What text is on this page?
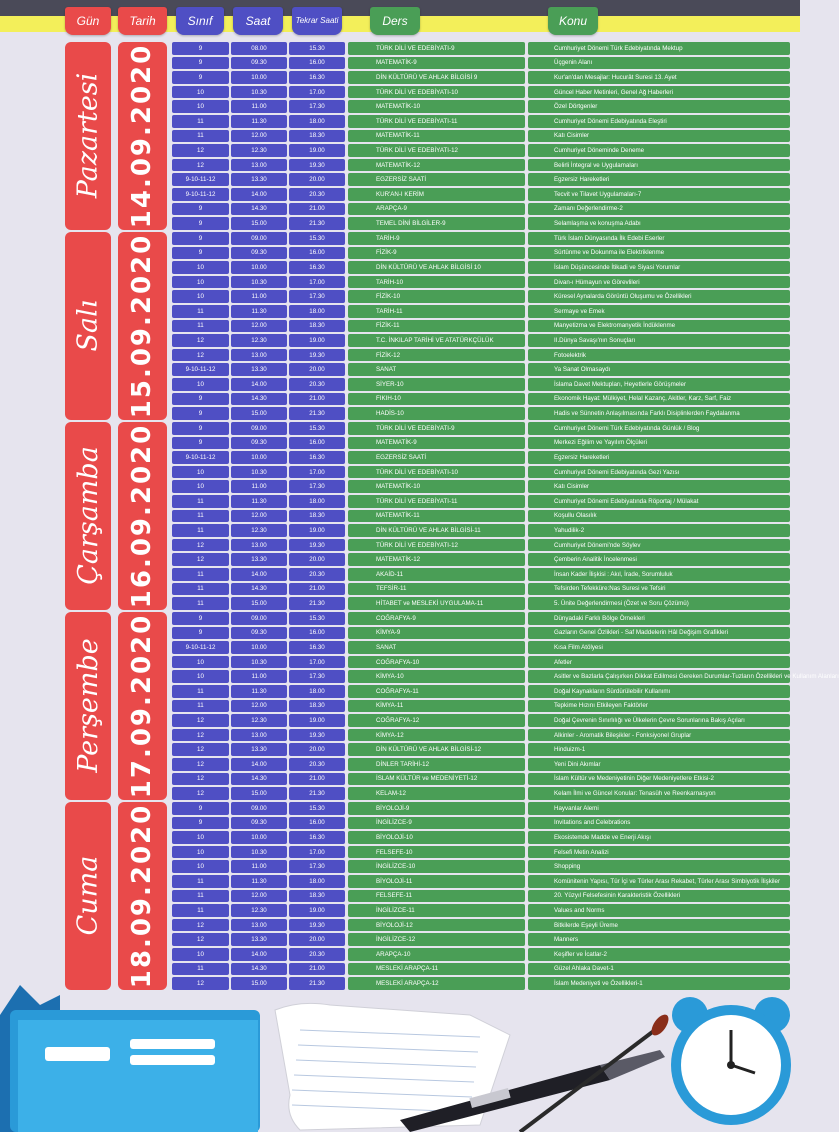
Gün	Tarih	Sınıf	Saat	Tekrar Saati	Ders	Konu
Pazartesi 14.09.2020	9	08.00	15.30	TÜRK DİLİ VE EDEBİYATI-9	Cumhuriyet Dönemi Türk Edebiyatında Mektup
9	09.30	16.00	MATEMATİK-9	Üçgenin Alanı
9	10.00	16.30	DİN KÜLTÜRÜ VE AHLAK BİLGİSİ 9	Kur'an'dan Mesajlar: Hucurât Suresi 13. Ayet
10	10.30	17.00	TÜRK DİLİ VE EDEBİYATI-10	Güncel Haber Metinleri, Genel Ağ Haberleri
10	11.00	17.30	MATEMATİK-10	Özel Dörtgenler
11	11.30	18.00	TÜRK DİLİ VE EDEBİYATI-11	Cumhuriyet Dönemi Edebiyatında Eleştiri
11	12.00	18.30	MATEMATİK-11	Katı Cisimler
12	12.30	19.00	TÜRK DİLİ VE EDEBİYATI-12	Cumhuriyet Döneminde Deneme
12	13.00	19.30	MATEMATİK-12	Belirli İntegral ve Uygulamaları
9-10-11-12	13.30	20.00	EGZERSİZ SAATİ	Egzersiz Hareketleri
9-10-11-12	14.00	20.30	KUR'AN-I KERİM	Tecvit ve Tilavet Uygulamaları-7
9	14.30	21.00	ARAPÇA-9	Zamanı Değerlendirme-2
9	15.00	21.30	TEMEL DİNİ BİLGİLER-9	Selamlaşma ve konuşma Adabı
Salı 15.09.2020	9	09.00	15.30	TARİH-9	Türk İslam Dünyasında İlk Edebi Eserler
9	09.30	16.00	FİZİK-9	Sürtünme ve Dokunma ile Elektriklenme
10	10.00	16.30	DİN KÜLTÜRÜ VE AHLAK BİLGİSİ 10	İslam Düşüncesinde İtikadi ve Siyasi Yorumlar
10	10.30	17.00	TARİH-10	Divan-ı Hümayun ve Görevlileri
10	11.00	17.30	FİZİK-10	Küresel Aynalarda Görüntü Oluşumu ve Özellikleri
11	11.30	18.00	TARİH-11	Sermaye ve Emek
11	12.00	18.30	FİZİK-11	Manyetizma ve Elektromanyetik İndüklenme
12	12.30	19.00	T.C. İNKILAP TARİHİ VE ATATÜRKÇÜLÜK	II.Dünya Savaşı'nın Sonuçları
12	13.00	19.30	FİZİK-12	Fotoelektrik
9-10-11-12	13.30	20.00	SANAT	Ya Sanat Olmasaydı
10	14.00	20.30	SİYER-10	İslama Davet Mektupları, Heyetlerle Görüşmeler
9	14.30	21.00	FIKIH-10	Ekonomik Hayat: Mülkiyet, Helal Kazanç, Akitler, Karz, Sarf, Faiz
9	15.00	21.30	HADİS-10	Hadis ve Sünnetin Anlaşılmasında Farklı Disiplinlerden Faydalanma
Çarşamba 16.09.2020	9	09.00	15.30	TÜRK DİLİ VE EDEBİYATI-9	Cumhuriyet Dönemi Türk Edebiyatında Günlük / Blog
9	09.30	16.00	MATEMATİK-9	Merkezi Eğilim ve Yayılım Ölçüleri
9-10-11-12	10.00	16.30	EGZERSİZ SAATİ	Egzersiz Hareketleri
10	10.30	17.00	TÜRK DİLİ VE EDEBİYATI-10	Cumhuriyet Dönemi Edebiyatında Gezi Yazısı
10	11.00	17.30	MATEMATİK-10	Katı Cisimler
11	11.30	18.00	TÜRK DİLİ VE EDEBİYATI-11	Cumhuriyet Dönemi Edebiyatında Röportaj / Mülakat
11	12.00	18.30	MATEMATİK-11	Koşullu Olasılık
11	12.30	19.00	DİN KÜLTÜRÜ VE AHLAK BİLGİSİ-11	Yahudilik-2
12	13.00	19.30	TÜRK DİLİ VE EDEBİYATI-12	Cumhuriyet Dönemi'nde Söylev
12	13.30	20.00	MATEMATİK-12	Çemberin Analitik İncelenmesi
11	14.00	20.30	AKAİD-11	İnsan Kader İlişkisi : Akıl, İrade, Sorumluluk
11	14.30	21.00	TEFSİR-11	Tefsirden Tefekküre:Nas Suresi ve Tefsiri
11	15.00	21.30	HİTABET ve MESLEKİ UYGULAMA-11	5. Ünite Değerlendirmesi (Özet ve Soru Çözümü)
Perşembe 17.09.2020	9	09.00	15.30	COĞRAFYA-9	Dünyadaki Farklı Bölge Örnekleri
9	09.30	16.00	KİMYA-9	Gazların Genel Özlikleri - Saf Maddelerin Hâl Değişim Grafikleri
9-10-11-12	10.00	16.30	SANAT	Kısa Film Atölyesi
10	10.30	17.00	COĞRAFYA-10	Afetler
10	11.00	17.30	KİMYA-10	Asitler ve Bazlarla Çalışırken Dikkat Edilmesi Gereken Durumlar-Tuzların Özellikleri ve Kullanım Alanları
11	11.30	18.00	COĞRAFYA-11	Doğal Kaynakların Sürdürülebilir Kullanımı
11	12.00	18.30	KİMYA-11	Tepkime Hızını Etkileyen Faktörler
12	12.30	19.00	COĞRAFYA-12	Doğal Çevrenin Sınırlılığı ve Ülkelerin Çevre Sorunlarına Bakış Açıları
12	13.00	19.30	KİMYA-12	Alkinler - Aromatik Bileşikler - Fonksiyonel Gruplar
12	13.30	20.00	DİN KÜLTÜRÜ VE AHLAK BİLGİSİ-12	Hinduizm-1
12	14.00	20.30	DİNLER TARİHİ-12	Yeni Dini Akımlar
12	14.30	21.00	İSLAM KÜLTÜR ve MEDENİYETİ-12	İslam Kültür ve Medeniyetinin Diğer Medeniyetlere Etkisi-2
12	15.00	21.30	KELAM-12	Kelam İlmi ve Güncel Konular: Tenasüh ve Reenkarnasyon
Cuma 18.09.2020	9	09.00	15.30	BİYOLOJİ-9	Hayvanlar Alemi
9	09.30	16.00	İNGİLİZCE-9	Invitations and Celebrations
10	10.00	16.30	BİYOLOJİ-10	Ekosistemde Madde ve Enerji Akışı
10	10.30	17.00	FELSEFE-10	Felsefi Metin Analizi
10	11.00	17.30	İNGİLİZCE-10	Shopping
11	11.30	18.00	BİYOLOJİ-11	Komünitenin Yapısı, Tür İçi ve Türler Arası Rekabet, Türler Arası Simbiyotik İlişkiler
11	12.00	18.30	FELSEFE-11	20. Yüzyıl Felsefesinin Karakteristik Özellikleri
11	12.30	19.00	İNGİLİZCE-11	Values and Norms
12	13.00	19.30	BİYOLOJİ-12	Bitkilerde Eşeyli Üreme
12	13.30	20.00	İNGİLİZCE-12	Manners
10	14.00	20.30	ARAPÇA-10	Keşifler ve İcatlar-2
11	14.30	21.00	MESLEKİ ARAPÇA-11	Güzel Ahlaka Davet-1
12	15.00	21.30	MESLEKİ ARAPÇA-12	İslam Medeniyeti ve Özellikleri-1
